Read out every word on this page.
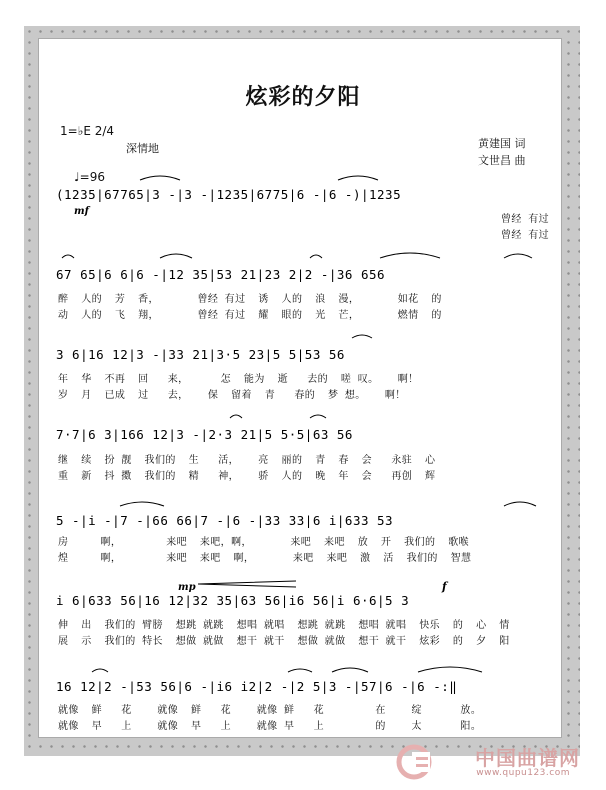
炫彩的夕阳
1=♭E 2/4
深情地
♩=96
mf
mp	f
黄建国 词
文世昌 曲
(1235|67765|3 -|3 -|1235|6775|6 -|6 -)|1235
曾经 有过
曾经 有过
67 65|6 6|6 -|12 35|53 21|23 2|2 -|36 656
醉  人的  芳  香，      曾经 有过  诱  人的  浪  漫，      如花  的
动  人的  飞  翔，      曾经 有过  耀  眼的  光  芒，      燃情  的
3 6|16 12|3 -|33 21|3·5 23|5 5|53 56
年  华  不再  回   来，     怎  能为  逝   去的  嗟 叹。   啊！
岁  月  已成  过   去，   保  留着  青   春的  梦 想。   啊！
7·7|6 3|166 12|3 -|2·3 21|5 5·5|63 56
继  续  扮 靓  我们的  生   活，   亮  丽的  青  春  会   永驻  心
重  新  抖 擞  我们的  精   神，   骄  人的  晚  年  会   再创  辉
5 -|i -|7 -|66 66|7 -|6 -|33 33|6 i|633 53
房     啊，       来吧  来吧，啊，      来吧  来吧  放  开  我们的  歌喉
煌     啊，       来吧  来吧  啊，      来吧  来吧  激  活  我们的  智慧
i 6|633 56|16 12|32 35|63 56|i6 56|i 6·6|5 3
伸  出  我们的 臂膀  想跳 就跳  想唱 就唱  想跳 就跳  想唱 就唱  快乐  的  心  情
展  示  我们的 特长  想做 就做  想干 就干  想做 就做  想干 就干  炫彩  的  夕  阳
16 12|2 -|53 56|6 -|i6 i2|2 -|2 5|3 -|57|6 -|6 -:‖
就像  鲜   花    就像  鲜   花    就像 鲜   花        在    绽      放。
就像  早   上    就像  早   上    就像 早   上        的    太      阳。
中国曲谱网
www.qupu123.com
